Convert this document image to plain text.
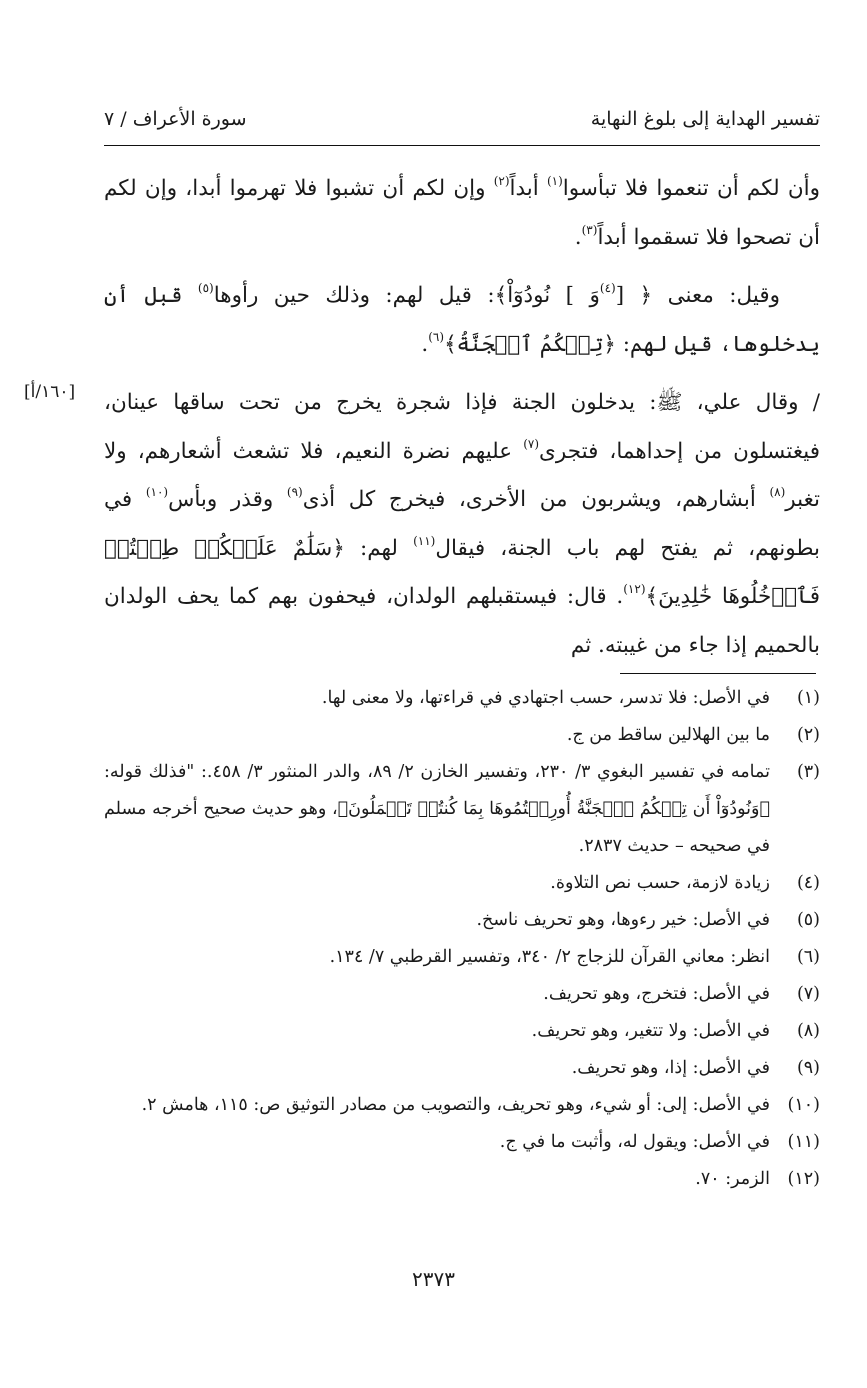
تفسير الهداية إلى بلوغ النهاية
سورة الأعراف / ٧

وأن لكم أن تنعموا فلا تبأسوا$^{(١)}$ أبداً$^{(٢)}$ وإن لكم أن تشبوا فلا تهرموا أبدا، وإن لكم أن تصحوا فلا تسقموا أبداً$^{(٣)}$.

وقيل: معنى ﴿ [$^{(٤)}$وَ ] نُودُوٓاْ﴾: قيل لهم: وذلك حين رأوها$^{(٥)}$ قبل أن يدخلوها، قيل لهم: ﴿تِلۡكُمُ ٱلۡجَنَّةُ﴾$^{(٦)}$.

/ وقال علي، ﷺ: يدخلون الجنة فإذا شجرة يخرج من تحت ساقها عينان، فيغتسلون من إحداهما، فتجرى$^{(٧)}$ عليهم نضرة النعيم، فلا تشعث أشعارهم، ولا تغبر$^{(٨)}$ أبشارهم، ويشربون من الأخرى، فيخرج كل أذى$^{(٩)}$ وقذر وبأس$^{(١٠)}$ في بطونهم، ثم يفتح لهم باب الجنة، فيقال$^{(١١)}$ لهم: ﴿سَلَٰمٌ عَلَيۡكُمۡ طِبۡتُمۡ فَٱدۡخُلُوهَا خَٰلِدِينَ﴾$^{(١٢)}$. قال: فيستقبلهم الولدان، فيحفون بهم كما يحف الولدان بالحميم إذا جاء من غيبته. ثم

[١٦٠/أ]
(١)
في الأصل: فلا تدسر، حسب اجتهادي في قراءتها، ولا معنى لها.
(٢)
ما بين الهلالين ساقط من ج.
(٣)
تمامه في تفسير البغوي ٣/ ٢٣٠، وتفسير الخازن ٢/ ٨٩، والدر المنثور ٣/ ٤٥٨.: "فذلك قوله: ﴿وَنُودُوٓاْ أَن تِلۡكُمُ ٱلۡجَنَّةُ أُورِثۡتُمُوهَا بِمَا كُنتُمۡ تَعۡمَلُونَ﴾، وهو حديث صحيح أخرجه مسلم في صحيحه – حديث ٢٨٣٧.
(٤)
زيادة لازمة، حسب نص التلاوة.
(٥)
في الأصل: خير رءوها، وهو تحريف ناسخ.
(٦)
انظر: معاني القرآن للزجاج ٢/ ٣٤٠، وتفسير القرطبي ٧/ ١٣٤.
(٧)
في الأصل: فتخرج، وهو تحريف.
(٨)
في الأصل: ولا تتغير، وهو تحريف.
(٩)
في الأصل: إذا، وهو تحريف.
(١٠)
في الأصل: إلى: أو شيء، وهو تحريف، والتصويب من مصادر التوثيق ص: ١١٥، هامش ٢.
(١١)
في الأصل: ويقول له، وأثبت ما في ج.
(١٢)
الزمر: ٧٠.
٢٣٧٣
